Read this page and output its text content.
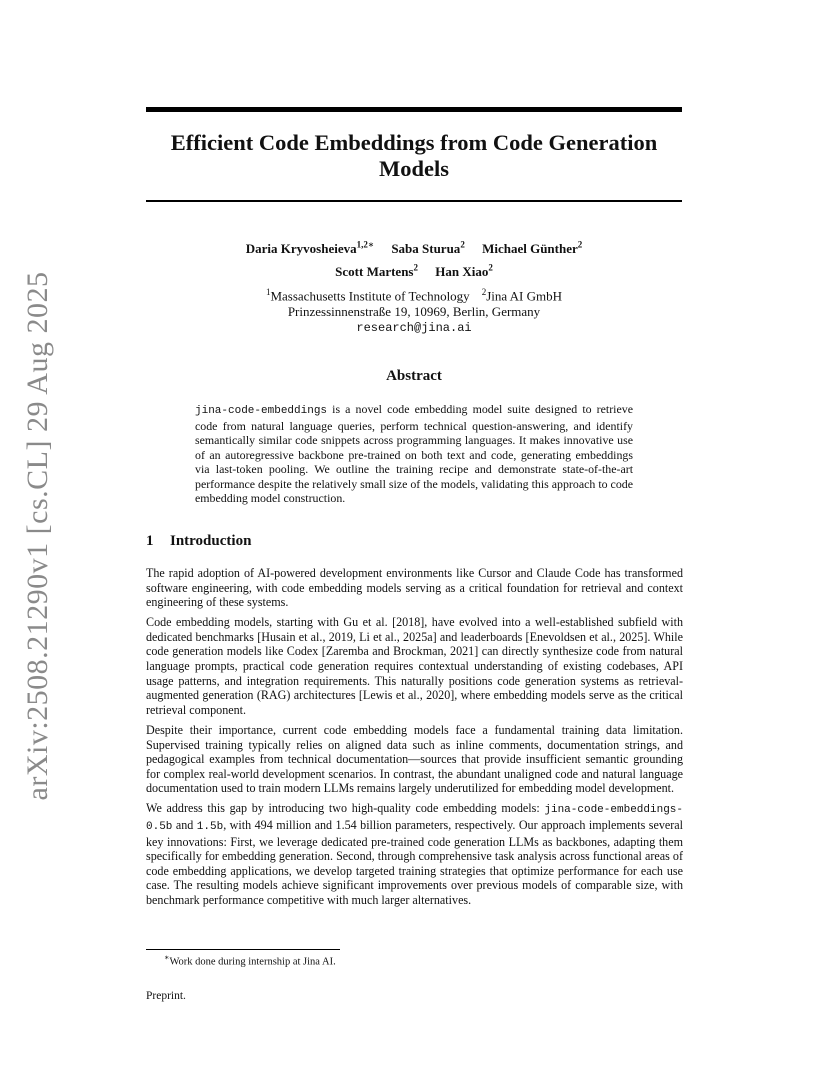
arXiv:2508.21290v1 [cs.CL] 29 Aug 2025
Efficient Code Embeddings from Code Generation
Models
Daria Kryvosheieva$^{1,2∗}$ Saba Sturua$^2$ Michael Günther$^2$
Scott Martens$^2$ Han Xiao$^2$
$^1$Massachusetts Institute of Technology $^2$Jina AI GmbH
Prinzessinnenstraße 19, 10969, Berlin, Germany
research@jina.ai
Abstract

jina-code-embeddings is a novel code embedding model suite designed to retrieve code from natural language queries, perform technical question-answering, and identify semantically similar code snippets across programming languages. It makes innovative use of an autoregressive backbone pre-trained on both text and code, generating embeddings via last-token pooling. We outline the training recipe and demonstrate state-of-the-art performance despite the relatively small size of the models, validating this approach to code embedding model construction.

1 Introduction

The rapid adoption of AI-powered development environments like Cursor and Claude Code has transformed software engineering, with code embedding models serving as a critical foundation for retrieval and context engineering of these systems.

Code embedding models, starting with Gu et al. [2018], have evolved into a well-established subfield with dedicated benchmarks [Husain et al., 2019, Li et al., 2025a] and leaderboards [Enevoldsen et al., 2025]. While code generation models like Codex [Zaremba and Brockman, 2021] can directly synthesize code from natural language prompts, practical code generation requires contextual understanding of existing codebases, API usage patterns, and integration requirements. This naturally positions code generation systems as retrieval-augmented generation (RAG) architectures [Lewis et al., 2020], where embedding models serve as the critical retrieval component.

Despite their importance, current code embedding models face a fundamental training data limitation. Supervised training typically relies on aligned data such as inline comments, documentation strings, and pedagogical examples from technical documentation—sources that provide insufficient semantic grounding for complex real-world development scenarios. In contrast, the abundant unaligned code and natural language documentation used to train modern LLMs remains largely underutilized for embedding model development.

We address this gap by introducing two high-quality code embedding models: jina-code-embeddings-0.5b and 1.5b, with 494 million and 1.54 billion parameters, respectively. Our approach implements several key innovations: First, we leverage dedicated pre-trained code generation LLMs as backbones, adapting them specifically for embedding generation. Second, through comprehensive task analysis across functional areas of code embedding applications, we develop targeted training strategies that optimize performance for each use case. The resulting models achieve significant improvements over previous models of comparable size, with benchmark performance competitive with much larger alternatives.

∗Work done during internship at Jina AI.
Preprint.
